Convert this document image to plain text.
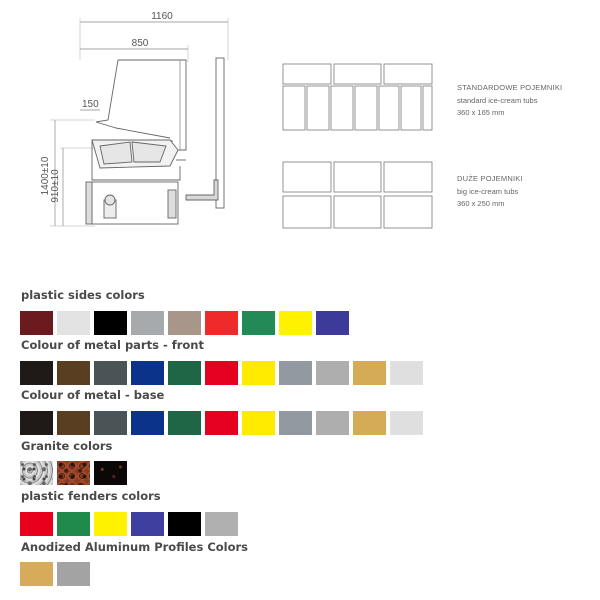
1160
850
150
1400±10 910±10
STANDARDOWE POJEMNIKI
standard ice-cream tubs
360 x 165 mm
DUŻE POJEMNIKI
big ice-cream tubs
360 x 250 mm
plastic sides colors
Colour of metal parts - front
Colour of metal - base
Granite colors
plastic fenders colors
Anodized Aluminum Profiles Colors
